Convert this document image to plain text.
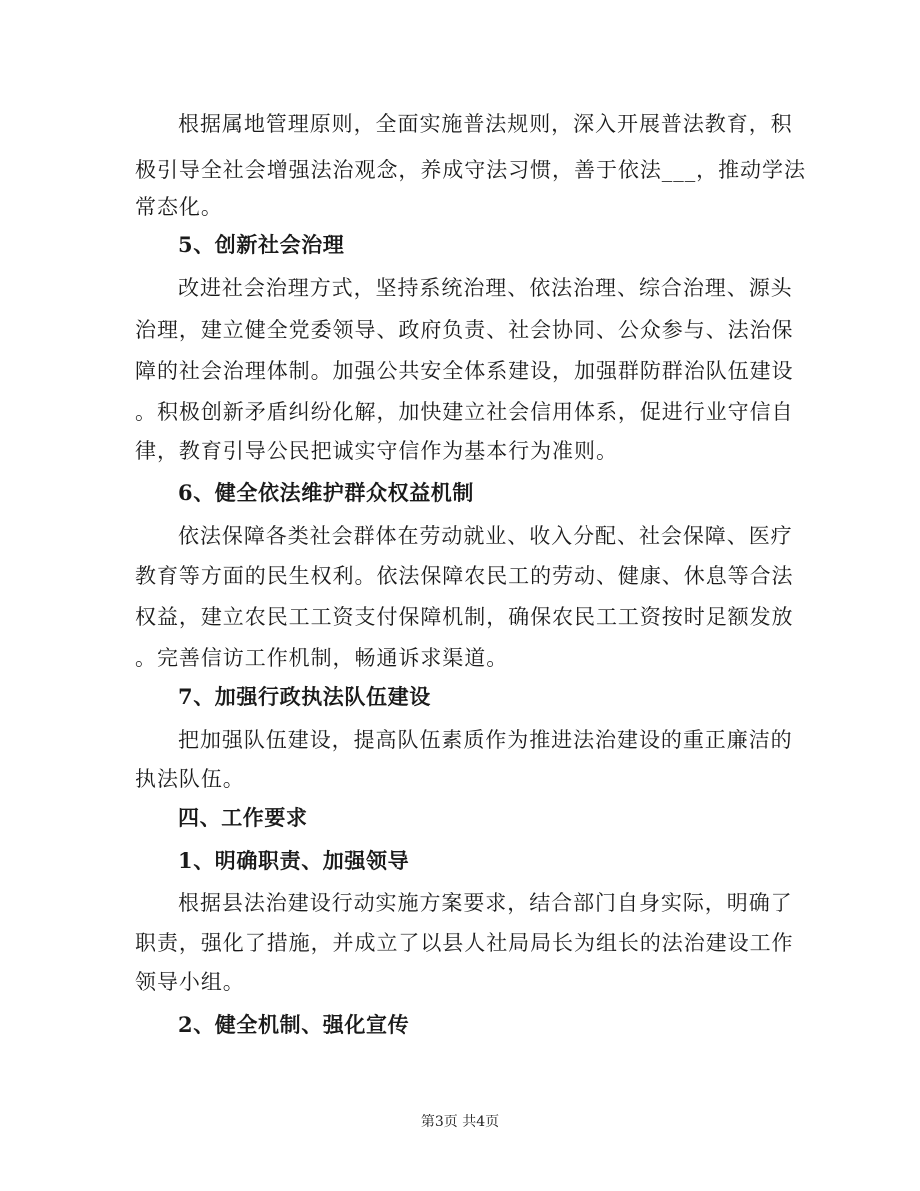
根据属地管理原则，全面实施普法规则，深入开展普法教育，积

极引导全社会增强法治观念，养成守法习惯，善于依法___，推动学法

常态化。

5、创新社会治理

改进社会治理方式，坚持系统治理、依法治理、综合治理、源头

治理，建立健全党委领导、政府负责、社会协同、公众参与、法治保

障的社会治理体制。加强公共安全体系建设，加强群防群治队伍建设

。积极创新矛盾纠纷化解，加快建立社会信用体系，促进行业守信自

律，教育引导公民把诚实守信作为基本行为准则。

6、健全依法维护群众权益机制

依法保障各类社会群体在劳动就业、收入分配、社会保障、医疗

教育等方面的民生权利。依法保障农民工的劳动、健康、休息等合法

权益，建立农民工工资支付保障机制，确保农民工工资按时足额发放

。完善信访工作机制，畅通诉求渠道。

7、加强行政执法队伍建设

把加强队伍建设，提高队伍素质作为推进法治建设的重正廉洁的

执法队伍。

四、工作要求

1、明确职责、加强领导

根据县法治建设行动实施方案要求，结合部门自身实际，明确了

职责，强化了措施，并成立了以县人社局局长为组长的法治建设工作

领导小组。

2、健全机制、强化宣传

第3页 共4页
